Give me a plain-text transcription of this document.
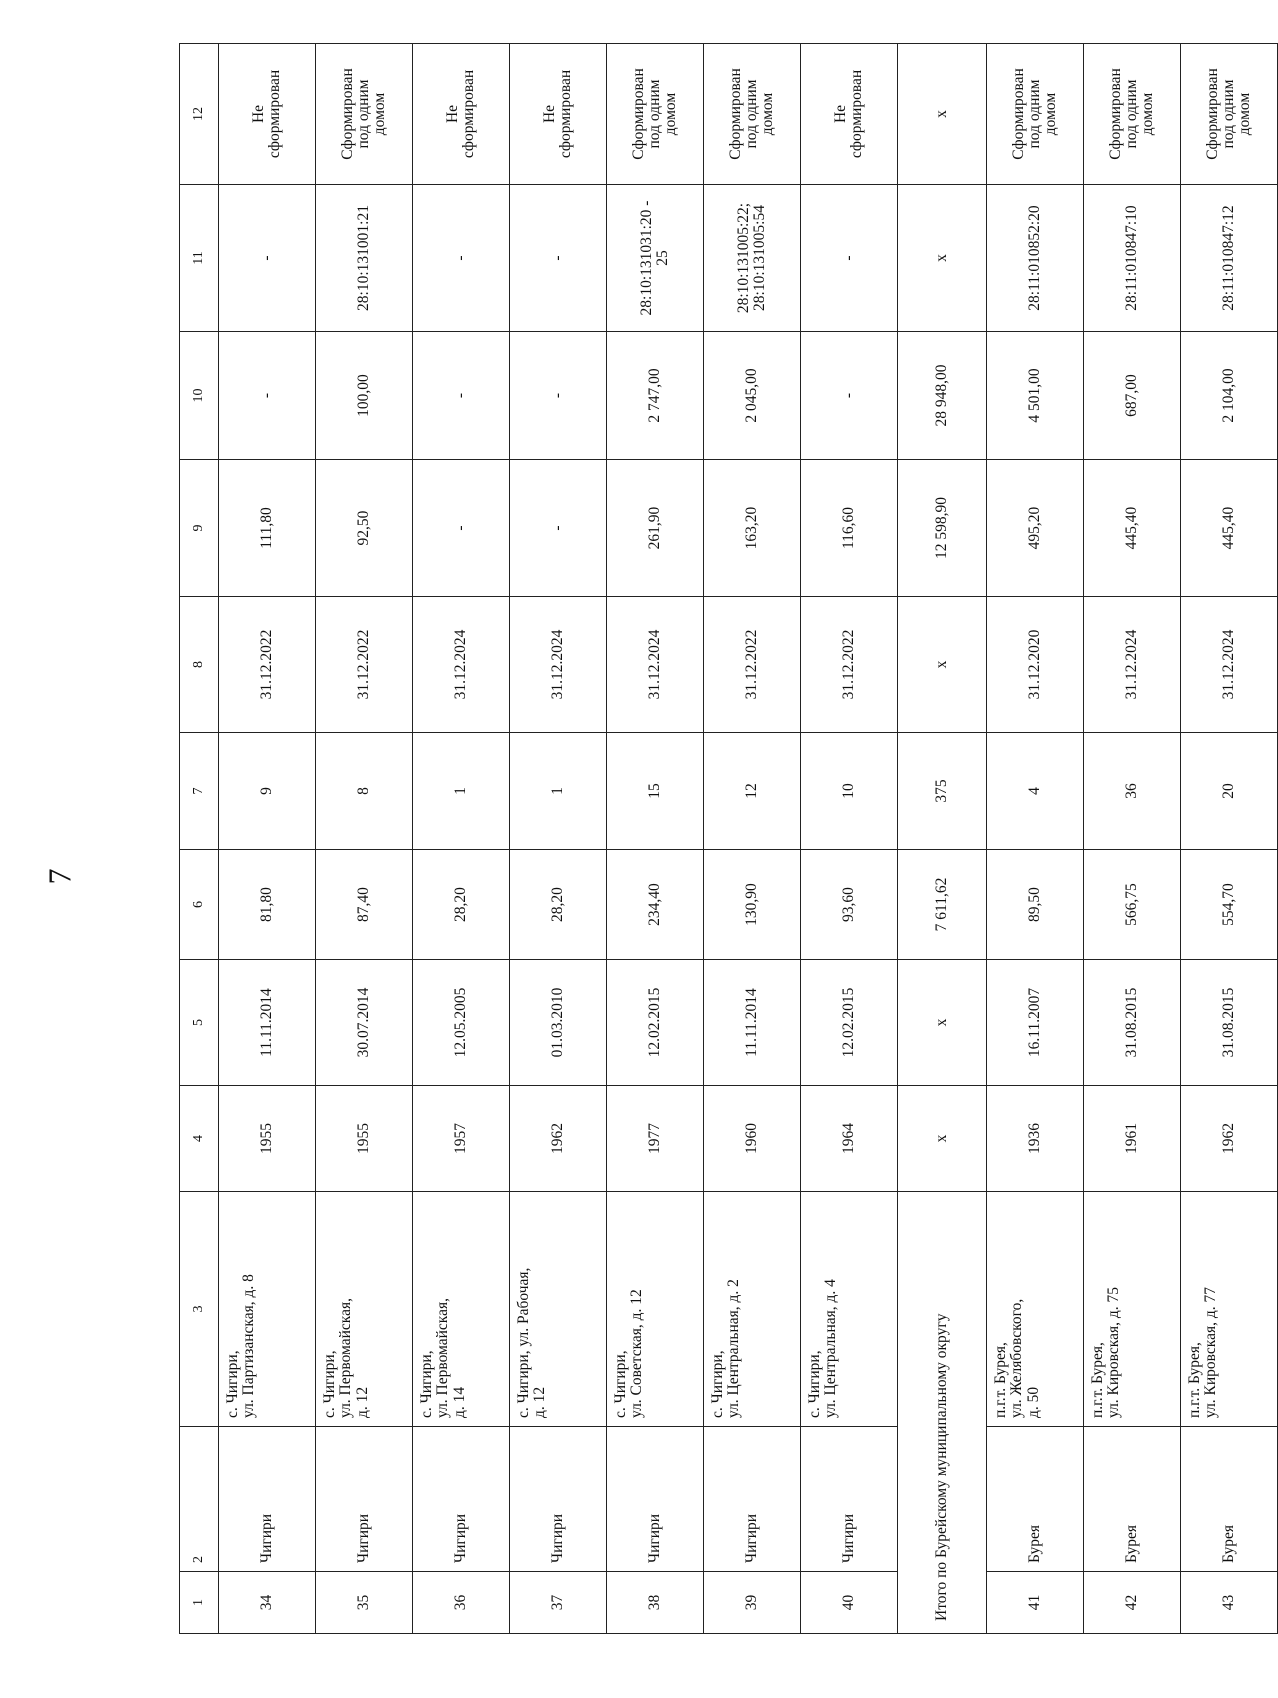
7
1	2	3	4	5	6	7	8	9	10	11	12
34	Чигири	с. Чигири,
ул. Партизанская, д. 8	1955	11.11.2014	81,80	9	31.12.2022	111,80	-	-	Не
сформирован
35	Чигири	с. Чигири,
ул. Первомайская,
д. 12	1955	30.07.2014	87,40	8	31.12.2022	92,50	100,00	28:10:131001:21	Сформирован
под одним
домом
36	Чигири	с. Чигири,
ул. Первомайская,
д. 14	1957	12.05.2005	28,20	1	31.12.2024	-	-	-	Не
сформирован
37	Чигири	с. Чигири, ул. Рабочая,
д. 12	1962	01.03.2010	28,20	1	31.12.2024	-	-	-	Не
сформирован
38	Чигири	с. Чигири,
ул. Советская, д. 12	1977	12.02.2015	234,40	15	31.12.2024	261,90	2 747,00	28:10:131031:20 -
25	Сформирован
под одним
домом
39	Чигири	с. Чигири,
ул. Центральная, д. 2	1960	11.11.2014	130,90	12	31.12.2022	163,20	2 045,00	28:10:131005:22;
28:10:131005:54	Сформирован
под одним
домом
40	Чигири	с. Чигири,
ул. Центральная, д. 4	1964	12.02.2015	93,60	10	31.12.2022	116,60	-	-	Не
сформирован
Итого по Бурейскому муниципальному округу			x	x	7 611,62	375	x	12 598,90	28 948,00	x	x
41	Бурея	п.г.т. Бурея,
ул. Желябовского,
д. 50	1936	16.11.2007	89,50	4	31.12.2020	495,20	4 501,00	28:11:010852:20	Сформирован
под одним
домом
42	Бурея	п.г.т. Бурея,
ул. Кировская, д. 75	1961	31.08.2015	566,75	36	31.12.2024	445,40	687,00	28:11:010847:10	Сформирован
под одним
домом
43	Бурея	п.г.т. Бурея,
ул. Кировская, д. 77	1962	31.08.2015	554,70	20	31.12.2024	445,40	2 104,00	28:11:010847:12	Сформирован
под одним
домом
